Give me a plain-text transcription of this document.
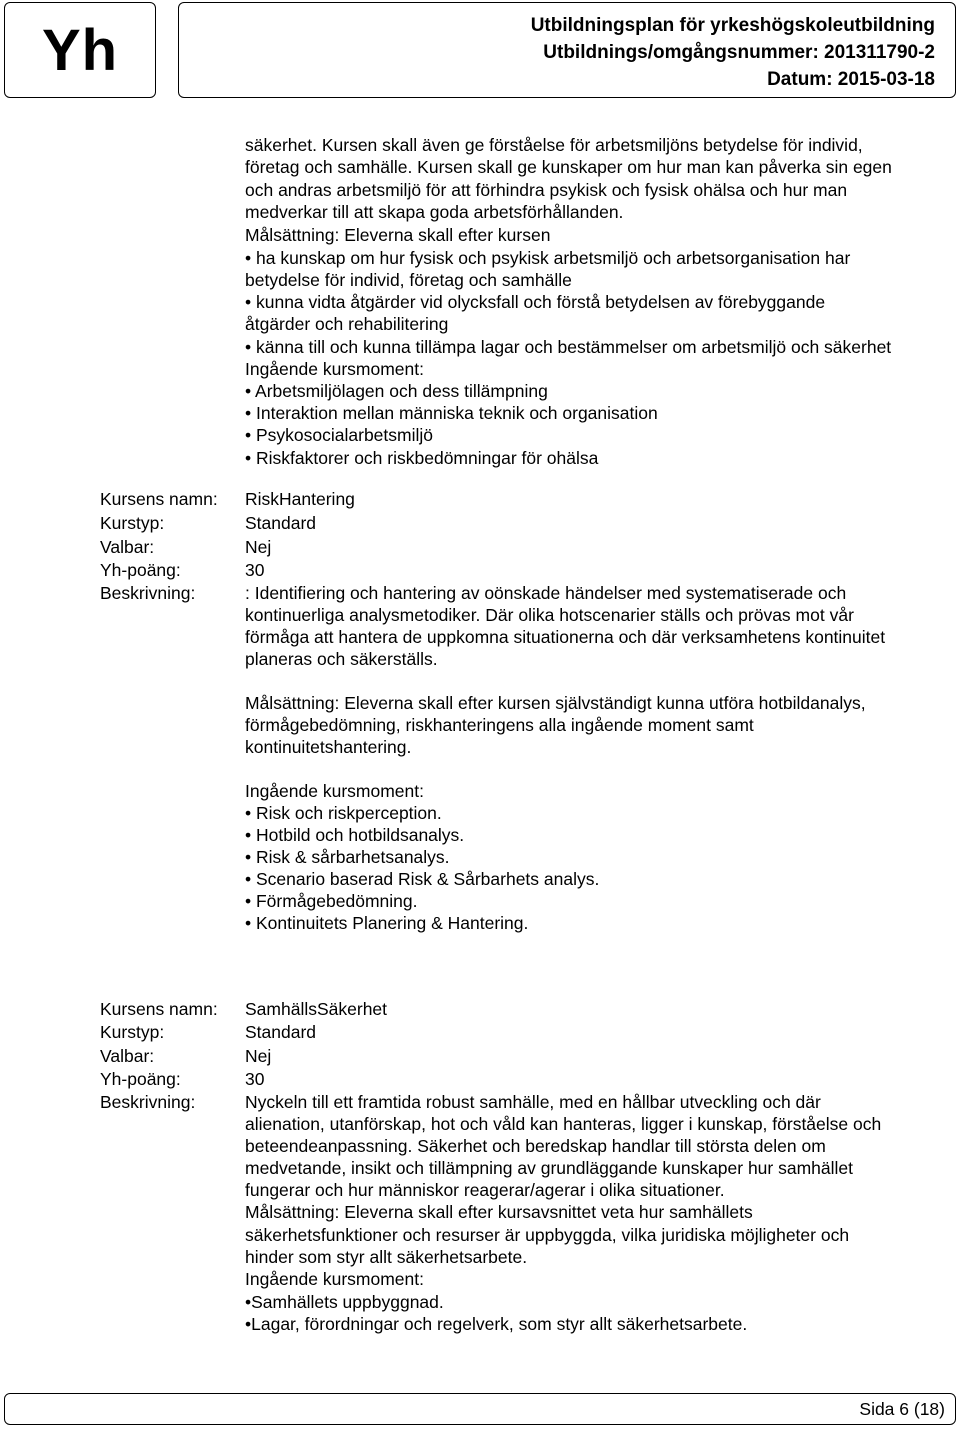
Yh	Utbildningsplan för yrkeshögskoleutbildning
Utbildnings/omgångsnummer: 201311790-2
Datum: 2015-03-18
säkerhet. Kursen skall även ge förståelse för arbetsmiljöns betydelse för individ,
företag och samhälle. Kursen skall ge kunskaper om hur man kan påverka sin egen
och andras arbetsmiljö för att förhindra psykisk och fysisk ohälsa och hur man
medverkar till att skapa goda arbetsförhållanden.
Målsättning: Eleverna skall efter kursen
• ha kunskap om hur fysisk och psykisk arbetsmiljö och arbetsorganisation har
betydelse för individ, företag och samhälle
• kunna vidta åtgärder vid olycksfall och förstå betydelsen av förebyggande
åtgärder och rehabilitering
• känna till och kunna tillämpa lagar och bestämmelser om arbetsmiljö och säkerhet
Ingående kursmoment:
• Arbetsmiljölagen och dess tillämpning
• Interaktion mellan människa teknik och organisation
• Psykosocialarbetsmiljö
• Riskfaktorer och riskbedömningar för ohälsa
Kursens namn: RiskHantering
Kurstyp:	Standard
Valbar:	Nej
Yh-poäng:	30
Beskrivning:	: Identifiering och hantering av oönskade händelser med systematiserade och
kontinuerliga analysmetodiker. Där olika hotscenarier ställs och prövas mot vår
förmåga att hantera de uppkomna situationerna och där verksamhetens kontinuitet
planeras och säkerställs.
Målsättning: Eleverna skall efter kursen självständigt kunna utföra hotbildanalys,
förmågebedömning, riskhanteringens alla ingående moment samt
kontinuitetshantering.
Ingående kursmoment:
• Risk och riskperception.
• Hotbild och hotbildsanalys.
• Risk & sårbarhetsanalys.
• Scenario baserad Risk & Sårbarhets analys.
• Förmågebedömning.
• Kontinuitets Planering & Hantering.
Kursens namn: SamhällsSäkerhet
Kurstyp:	Standard
Valbar:	Nej
Yh-poäng:	30
Beskrivning:	Nyckeln till ett framtida robust samhälle, med en hållbar utveckling och där
alienation, utanförskap, hot och våld kan hanteras, ligger i kunskap, förståelse och
beteendeanpassning. Säkerhet och beredskap handlar till största delen om
medvetande, insikt och tillämpning av grundläggande kunskaper hur samhället
fungerar och hur människor reagerar/agerar i olika situationer.
Målsättning: Eleverna skall efter kursavsnittet veta hur samhällets
säkerhetsfunktioner och resurser är uppbyggda, vilka juridiska möjligheter och
hinder som styr allt säkerhetsarbete.
Ingående kursmoment:
•Samhällets uppbyggnad.
•Lagar, förordningar och regelverk, som styr allt säkerhetsarbete.
Sida 6 (18)
